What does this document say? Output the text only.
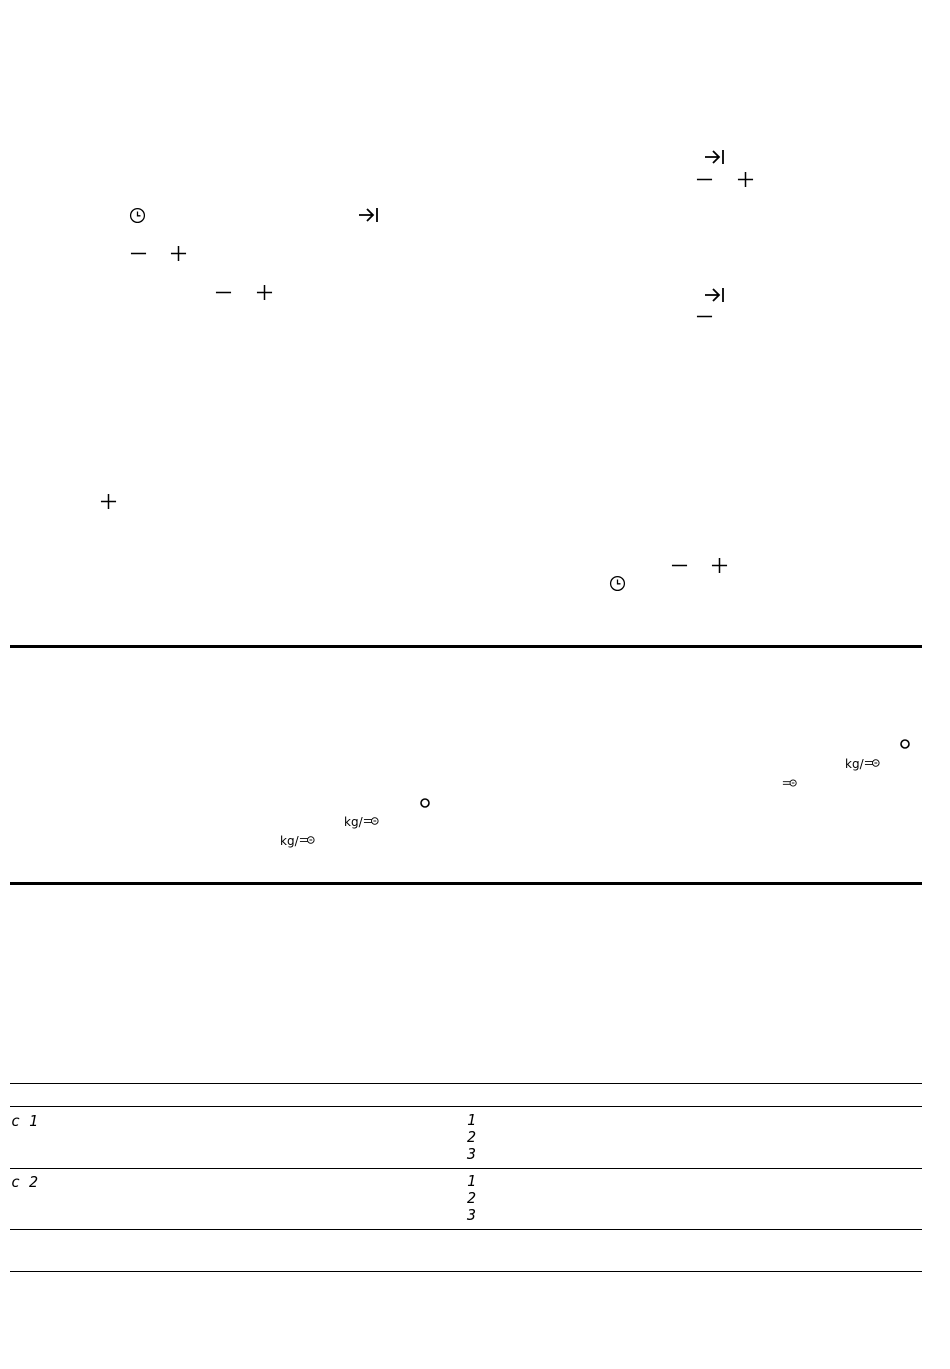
kg/
kg/
kg/
c 1	1
2
3
c 2	1
2
3
